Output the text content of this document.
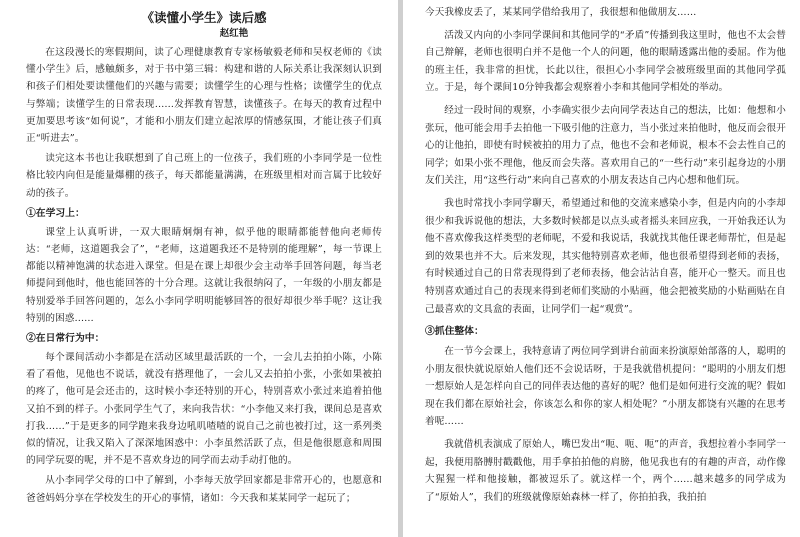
《读懂小学生》读后感
赵红艳

在这段漫长的寒假期间，读了心理健康教育专家杨敏毅老师和吴权老师的《读懂小学生》后，感触颇多，对于书中第三辑：构建和谐的人际关系让我深刻认识到和孩子们相处要读懂他们的兴趣与需要；读懂学生的心理与性格；读懂学生的优点与弊端；读懂学生的日常表现……发挥教育智慧，读懂孩子。在每天的教育过程中更加要思考该“如何说”，才能和小朋友们建立起浓厚的情感氛围，才能让孩子们真正“听进去”。

读完这本书也让我联想到了自己班上的一位孩子，我们班的小李同学是一位性格比较内向但是能量爆棚的孩子，每天都能量满满，在班级里相对而言属于比较好动的孩子。

①在学习上：

课堂上认真听讲，一双大眼睛炯炯有神，似乎他的眼睛都能替他向老师传达：“老师，这道题我会了”，“老师，这道题我还不是特别的能理解”，每一节课上都能以精神饱满的状态进入课堂。但是在课上却很少会主动举手回答问题，每当老师提问到他时，他也能回答的十分合理。这就让我很纳闷了，一年级的小朋友都是特别爱举手回答问题的，怎么小李同学明明能够回答的很好却很少举手呢？这让我特别的困惑……

②在日常行为中：

每个课间活动小李都是在活动区域里最活跃的一个，一会儿去拍拍小陈，小陈看了看他，见他也不说话，就没有搭理他了，一会儿又去拍拍小张，小张如果被拍的疼了，他可是会还击的，这时候小李还特别的开心，特别喜欢小张过来追着拍他又拍不到的样子。小张同学生气了，来向我告状：“小李他又来打我，课间总是喜欢打我……”于是更多的同学跑来我身边吼叽喳喳的说自己之前也被打过，这一系列类似的情况，让我又陷入了深深地困惑中：小李虽然活跃了点，但是他很愿意和周围的同学玩耍的呢，并不是不喜欢身边的同学而去动手动打他的。

从小李同学父母的口中了解到，小李每天放学回家都是非常开心的，也愿意和爸爸妈妈分享在学校发生的开心的事情，诸如：今天我和某某同学一起玩了；

今天我橡皮丢了，某某同学借给我用了，我很想和他做朋友……

活泼又内向的小李同学课间和其他同学的“矛盾”传播到我这里时，他也不太会替自己辩解，老师也很明白并不是他一个人的问题，他的眼睛透露出他的委屈。作为他的班主任，我非常的担忧，长此以往，很担心小李同学会被班级里面的其他同学孤立。于是，每个课间10分钟我都会观察着小李和其他同学相处的举动。

经过一段时间的观察，小李确实很少去向同学表达自己的想法，比如：他想和小张玩，他可能会用手去拍他一下吸引他的注意力，当小张过来拍他时，他反而会很开心的让他拍，即使有时候被拍的用力了点，他也不会和老师说，根本不会去性自己的同学；如果小张不理他，他反而会失落。喜欢用自己的“一些行动”来引起身边的小朋友们关注，用“这些行动”来向自己喜欢的小朋友表达自己内心想和他们玩。

我也时常找小李同学聊天，希望通过和他的交流来感染小李，但是内向的小李却很少和我诉说他的想法，大多数时候都是以点头或者摇头来回应我，一开始我还认为他不喜欢像我这样类型的老师呢，不爱和我说话，我就找其他任课老师帮忙，但是起到的效果也并不大。后来发现，其实他特别喜欢老师，他也很希望得到老师的表扬，有时候通过自己的日常表现得到了老师表扬，他会沾沾自喜，能开心一整天。而且也特别喜欢通过自己的表现来得到老师们奖励的小贴画，他会把被奖励的小贴画贴在自己最喜欢的文具盒的表面，让同学们一起“观赏”。

③抓住整体：

在一节今会课上，我特意请了两位同学到讲台前面来扮演原始部落的人，聪明的小朋友很快就说原始人他们还不会说话呀，于是我就借机提问：“聪明的小朋友们想一想原始人是怎样向自己的同伴表达他的喜好的呢？他们是如何进行交流的呢？假如现在我们都在原始社会，你该怎么和你的家人相处呢？”小朋友都饶有兴趣的在思考着呢……

我就借机表演成了原始人，嘴巴发出“呃、呃、呃”的声音，我想拉着小李同学一起，我便用胳膊肘戳戳他，用手拿拍拍他的肩膀，他见我也有的有趣的声音，动作像大猩猩一样和他接触，都被逗乐了。就这样一个，两个……越来越多的同学成为了“原始人”，我们的班级就像原始森林一样了，你拍拍我，我拍拍
